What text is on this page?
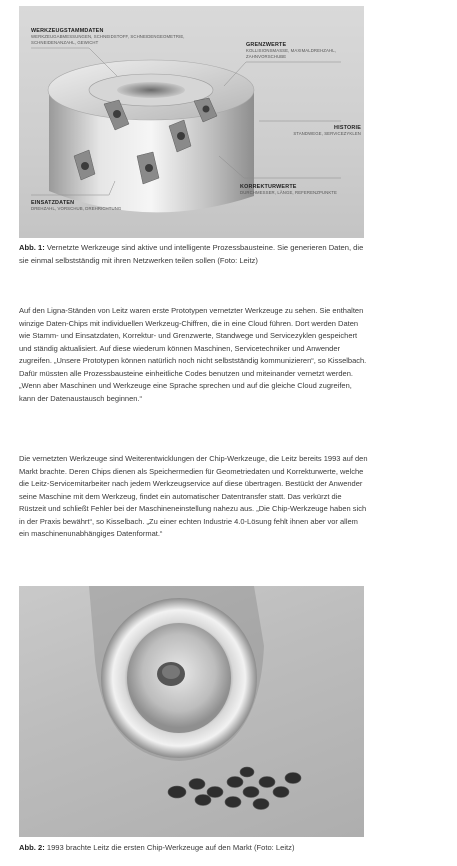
WERKZEUGSTAMMDATEN
WERKZEUGABMESSUNGEN, SCHNEIDSTOFF, SCHNEIDENGEOMETRIE, SCHNEIDENANZAHL, GEWICHT	GRENZWERTE
KOLLISIONSMASSE, MAXIMALDREHZAHL, ZAHNVORSCHUBE
HISTORIE
STANDWEGE, SERVICEZYKLEN
KORREKTURWERTE
DURCHMESSER, LÄNGE, REFERENZPUNKTE
EINSATZDATEN
DREHZAHL, VORSCHUB, DREHRICHTUNG
Abb. 1: Vernetzte Werkzeuge sind aktive und intelligente Prozessbausteine. Sie generieren Daten, die sie einmal selbstständig mit ihren Netzwerken teilen sollen (Foto: Leitz)

Auf den Ligna-Ständen von Leitz waren erste Prototypen vernetzter Werkzeuge zu sehen. Sie enthalten winzige Daten-Chips mit individuellen Werkzeug-Chiffren, die in eine Cloud führen. Dort werden Daten wie Stamm- und Einsatzdaten, Korrektur- und Grenzwerte, Standwege und Servicezyklen gespeichert und ständig aktualisiert. Auf diese wiederum können Maschinen, Servicetechniker und Anwender zugreifen. „Unsere Prototypen können natürlich noch nicht selbstständig kommunizieren“, so Kisselbach. Dafür müssten alle Prozessbausteine einheitliche Codes benutzen und miteinander vernetzt werden. „Wenn aber Maschinen und Werkzeuge eine Sprache sprechen und auf die gleiche Cloud zugreifen, kann der Datenaustausch beginnen.“

Die vernetzten Werkzeuge sind Weiterentwicklungen der Chip-Werkzeuge, die Leitz bereits 1993 auf den Markt brachte. Deren Chips dienen als Speichermedien für Geometriedaten und Korrekturwerte, welche die Leitz-Servicemitarbeiter nach jedem Werkzeugservice auf diese übertragen. Bestückt der Anwender seine Maschine mit dem Werkzeug, findet ein automatischer Datentransfer statt. Das verkürzt die Rüstzeit und schließt Fehler bei der Maschineneinstellung nahezu aus. „Die Chip-Werkzeuge haben sich in der Praxis bewährt“, so Kisselbach. „Zu einer echten Industrie 4.0-Lösung fehlt ihnen aber vor allem ein maschinenunabhängiges Datenformat.“

Abb. 2: 1993 brachte Leitz die ersten Chip-Werkzeuge auf den Markt (Foto: Leitz)
